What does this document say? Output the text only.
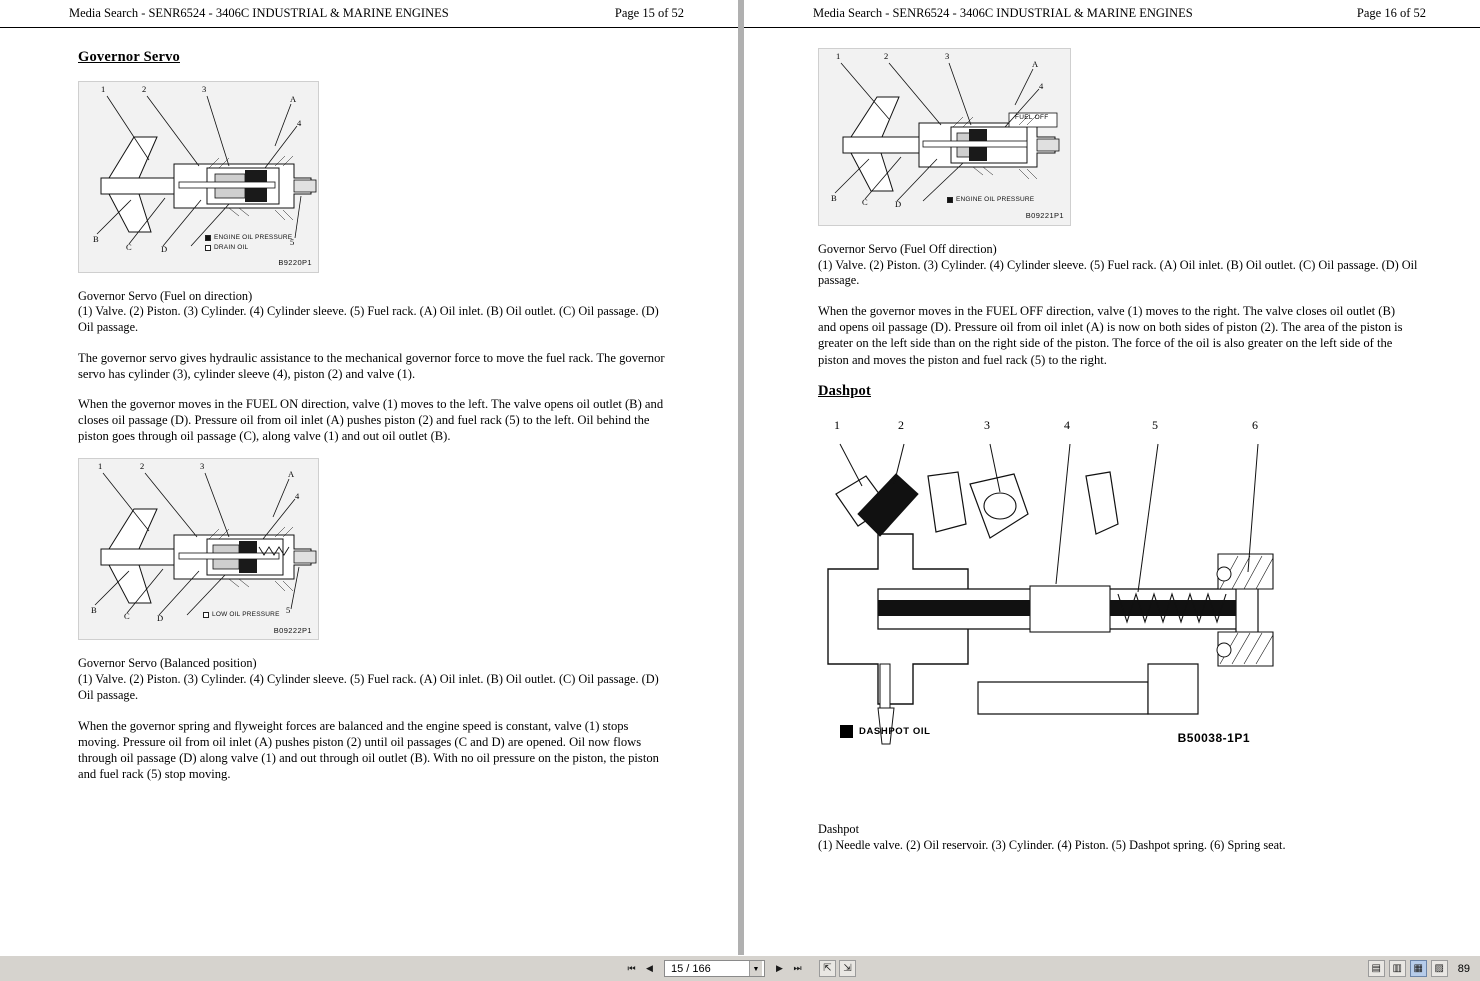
Media Search - SENR6524 - 3406C INDUSTRIAL & MARINE ENGINES	Page 15 of 52
Governor Servo
1	2	3
A
4
B
C	D
5
ENGINE OIL PRESSURE
DRAIN OIL
B9220P1

Governor Servo (Fuel on direction)
(1) Valve. (2) Piston. (3) Cylinder. (4) Cylinder sleeve. (5) Fuel rack. (A) Oil inlet. (B) Oil outlet. (C) Oil passage. (D) Oil passage.

The governor servo gives hydraulic assistance to the mechanical governor force to move the fuel rack. The governor servo has cylinder (3), cylinder sleeve (4), piston (2) and valve (1).

When the governor moves in the FUEL ON direction, valve (1) moves to the left. The valve opens oil outlet (B) and closes oil passage (D). Pressure oil from oil inlet (A) pushes piston (2) and fuel rack (5) to the left. Oil behind the piston goes through oil passage (C), along valve (1) and out oil outlet (B).

1	2	3
A
4
B
C	D
5
LOW OIL PRESSURE
B09222P1

Governor Servo (Balanced position)
(1) Valve. (2) Piston. (3) Cylinder. (4) Cylinder sleeve. (5) Fuel rack. (A) Oil inlet. (B) Oil outlet. (C) Oil passage. (D) Oil passage.

When the governor spring and flyweight forces are balanced and the engine speed is constant, valve (1) stops moving. Pressure oil from oil inlet (A) pushes piston (2) until oil passages (C and D) are opened. Oil now flows through oil passage (D) along valve (1) and out through oil outlet (B). With no oil pressure on the piston, the piston and fuel rack (5) stop moving.

Media Search - SENR6524 - 3406C INDUSTRIAL & MARINE ENGINES	Page 16 of 52
1	2	3
A
4
B	C	D
FUEL OFF
ENGINE OIL PRESSURE
B09221P1

Governor Servo (Fuel Off direction)
(1) Valve. (2) Piston. (3) Cylinder. (4) Cylinder sleeve. (5) Fuel rack. (A) Oil inlet. (B) Oil outlet. (C) Oil passage. (D) Oil passage.

When the governor moves in the FUEL OFF direction, valve (1) moves to the right. The valve closes oil outlet (B) and opens oil passage (D). Pressure oil from oil inlet (A) is now on both sides of piston (2). The area of the piston is greater on the left side than on the right side of the piston. The force of the oil is also greater on the left side of the piston and moves the piston and fuel rack (5) to the right.

Dashpot
1	2	3	4	5	6
DASHPOT OIL	B50038-1P1

Dashpot
(1) Needle valve. (2) Oil reservoir. (3) Cylinder. (4) Piston. (5) Dashpot spring. (6) Spring seat.

⏮	◀	15 / 166	▼	▶	⏭	⇱	⇲	▤	▥	▦	▨	89
